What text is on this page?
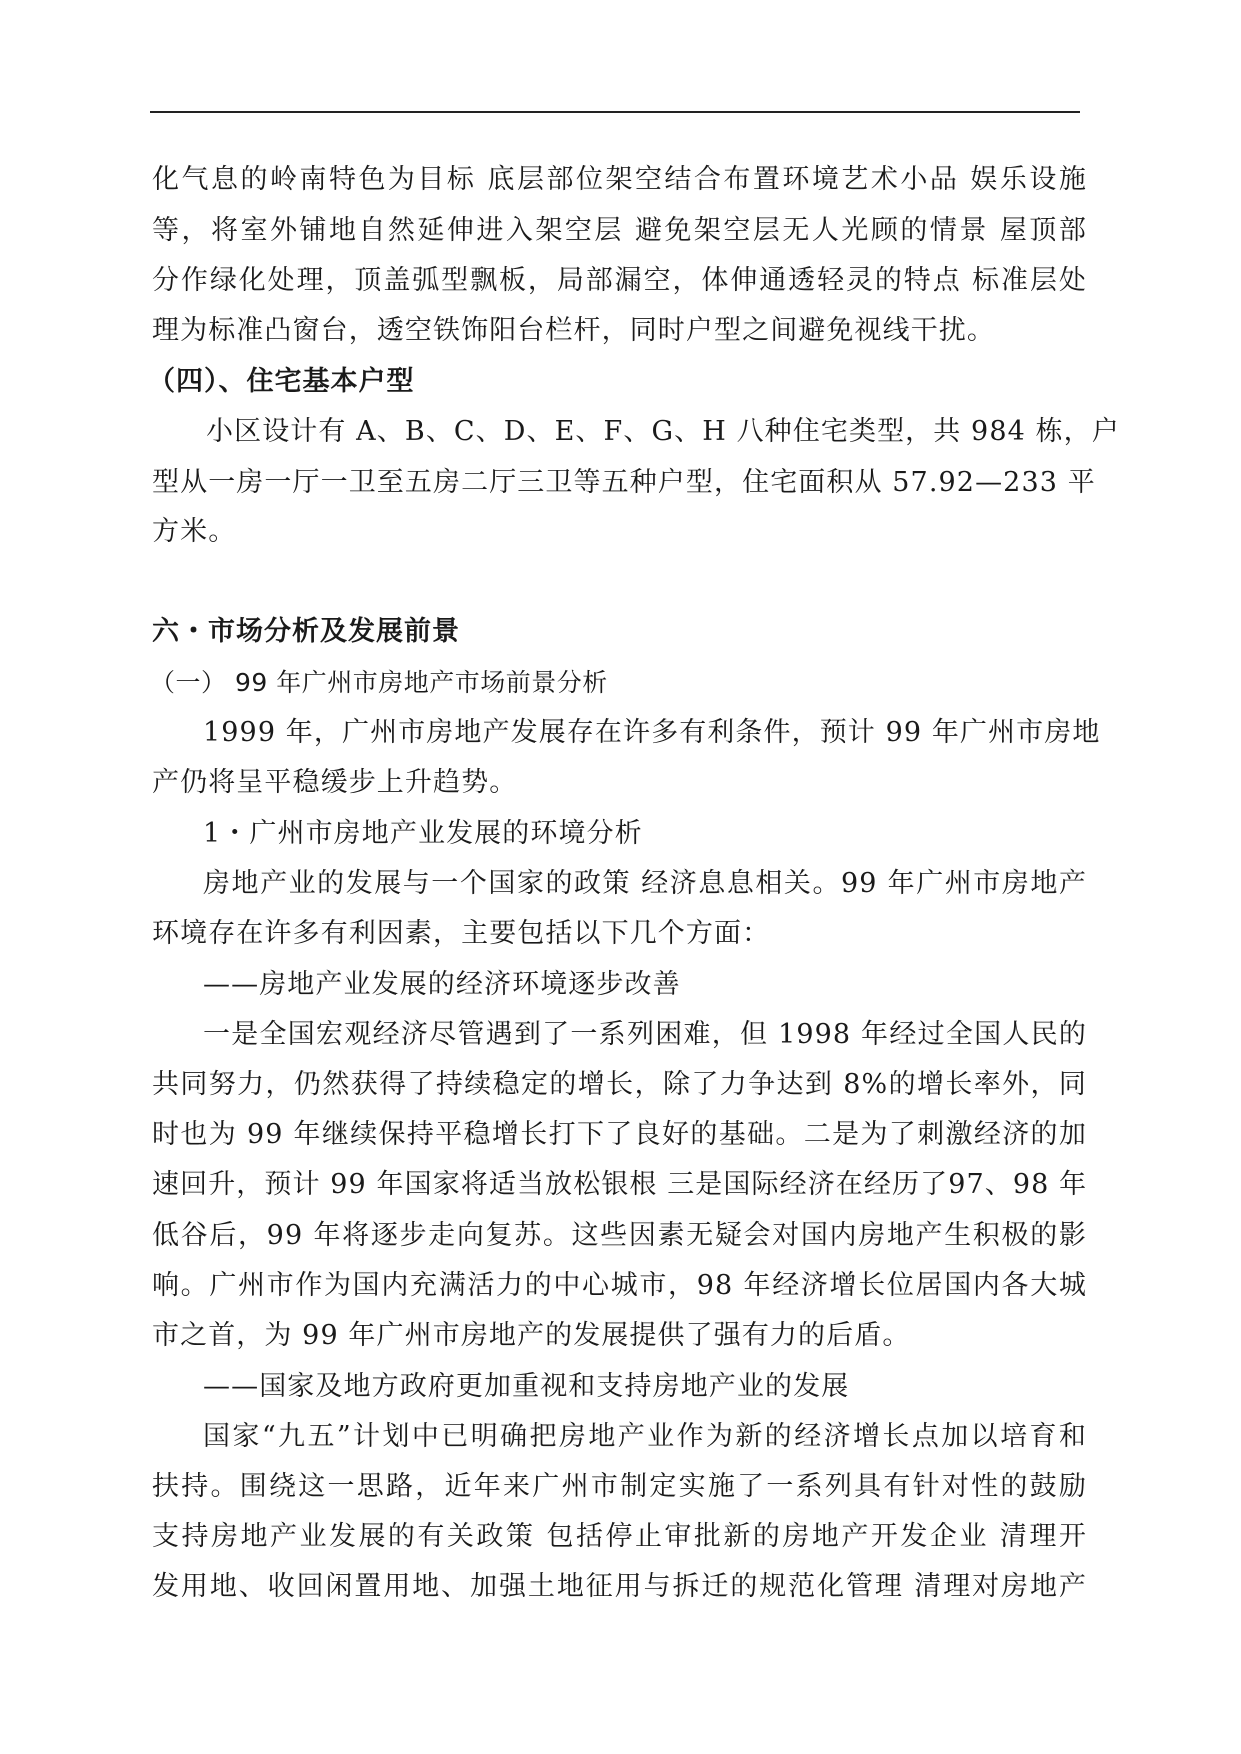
化气息的岭南特色为目标 底层部位架空结合布置环境艺术小品 娱乐设施
等，将室外铺地自然延伸进入架空层 避免架空层无人光顾的情景 屋顶部
分作绿化处理，顶盖弧型飘板，局部漏空，体伸通透轻灵的特点 标准层处
理为标准凸窗台，透空铁饰阳台栏杆，同时户型之间避免视线干扰。
（四）、住宅基本户型
小区设计有 A、B、C、D、E、F、G、H 八种住宅类型，共 984 栋，户
型从一房一厅一卫至五房二厅三卫等五种户型，住宅面积从 57.92—233 平
方米。
六・市场分析及发展前景
（一） 99 年广州市房地产市场前景分析
1999 年，广州市房地产发展存在许多有利条件，预计 99 年广州市房地
产仍将呈平稳缓步上升趋势。
1・广州市房地产业发展的环境分析
房地产业的发展与一个国家的政策 经济息息相关。99 年广州市房地产
环境存在许多有利因素，主要包括以下几个方面：
——房地产业发展的经济环境逐步改善
一是全国宏观经济尽管遇到了一系列困难，但 1998 年经过全国人民的
共同努力，仍然获得了持续稳定的增长，除了力争达到 8%的增长率外，同
时也为 99 年继续保持平稳增长打下了良好的基础。二是为了刺激经济的加
速回升，预计 99 年国家将适当放松银根 三是国际经济在经历了97、98 年
低谷后，99 年将逐步走向复苏。这些因素无疑会对国内房地产生积极的影
响。广州市作为国内充满活力的中心城市，98 年经济增长位居国内各大城
市之首，为 99 年广州市房地产的发展提供了强有力的后盾。
——国家及地方政府更加重视和支持房地产业的发展
国家“九五”计划中已明确把房地产业作为新的经济增长点加以培育和
扶持。围绕这一思路，近年来广州市制定实施了一系列具有针对性的鼓励
支持房地产业发展的有关政策 包括停止审批新的房地产开发企业 清理开
发用地、收回闲置用地、加强土地征用与拆迁的规范化管理 清理对房地产
